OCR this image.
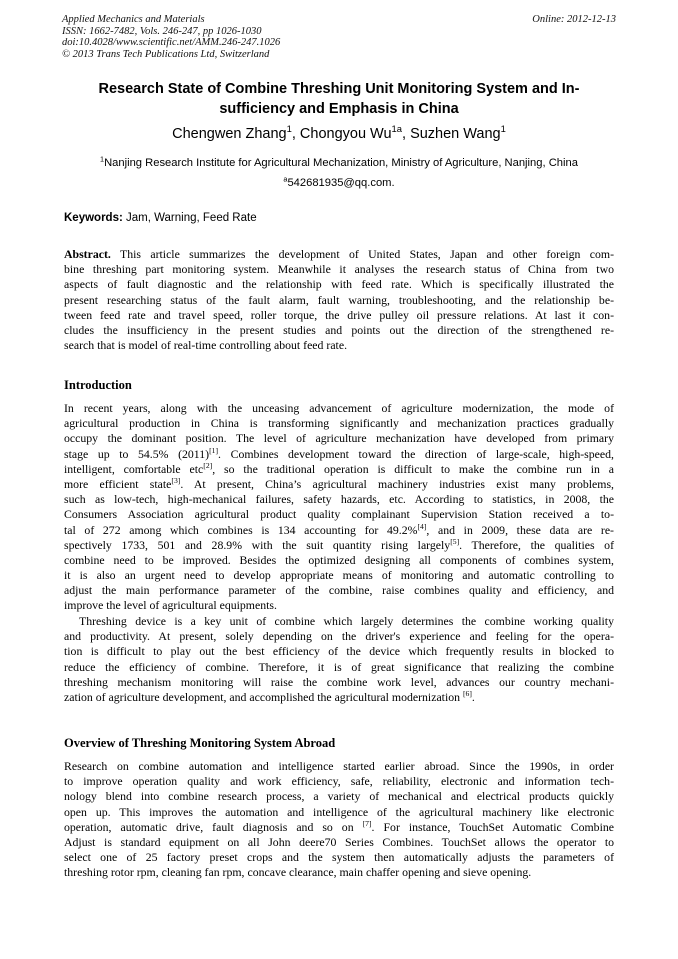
Applied Mechanics and Materials
ISSN: 1662-7482, Vols. 246-247, pp 1026-1030
doi:10.4028/www.scientific.net/AMM.246-247.1026
© 2013 Trans Tech Publications Ltd, Switzerland
Online: 2012-12-13
Research State of Combine Threshing Unit Monitoring System and In-
sufficiency and Emphasis in China
Chengwen Zhang$^1$, Chongyou $Wu^{1a}$, Suzhen Wang$^1$
$^1$Nanjing Research Institute for Agricultural Mechanization, Ministry of Agriculture, Nanjing, China
$^a$542681935@qq.com.
Keywords: Jam, Warning, Feed Rate
Abstract. This article summarizes the development of United States, Japan and other foreign com-
bine threshing part monitoring system. Meanwhile it analyses the research status of China from two
aspects of fault diagnostic and the relationship with feed rate. Which is specifically illustrated the
present researching status of the fault alarm, fault warning, troubleshooting, and the relationship be-
tween feed rate and travel speed, roller torque, the drive pulley oil pressure relations. At last it con-
cludes the insufficiency in the present studies and points out the direction of the strengthened re-
search that is model of real-time controlling about feed rate.
Introduction
In recent years, along with the unceasing advancement of agriculture modernization, the mode of
agricultural production in China is transforming significantly and mechanization practices gradually
occupy the dominant position. The level of agriculture mechanization have developed from primary
stage up to 54.5% (2011)[1]. Combines development toward the direction of large-scale, high-speed,
intelligent, comfortable etc[2], so the traditional operation is difficult to make the combine run in a
more efficient state[3]. At present, China’s agricultural machinery industries exist many problems,
such as low-tech, high-mechanical failures, safety hazards, etc. According to statistics, in 2008, the
Consumers Association agricultural product quality complainant Supervision Station received a to-
tal of 272 among which combines is 134 accounting for 49.2%[4], and in 2009, these data are re-
spectively 1733, 501 and 28.9% with the suit quantity rising largely[5]. Therefore, the qualities of
combine need to be improved. Besides the optimized designing all components of combines system,
it is also an urgent need to develop appropriate means of monitoring and automatic controlling to
adjust the main performance parameter of the combine, raise combines quality and efficiency, and
improve the level of agricultural equipments.
Threshing device is a key unit of combine which largely determines the combine working quality
and productivity. At present, solely depending on the driver's experience and feeling for the opera-
tion is difficult to play out the best efficiency of the device which frequently results in blocked to
reduce the efficiency of combine. Therefore, it is of great significance that realizing the combine
threshing mechanism monitoring will raise the combine work level, advances our country mechani-
zation of agriculture development, and accomplished the agricultural modernization [6].
Overview of Threshing Monitoring System Abroad
Research on combine automation and intelligence started earlier abroad. Since the 1990s, in order
to improve operation quality and work efficiency, safe, reliability, electronic and information tech-
nology blend into combine research process, a variety of mechanical and electrical products quickly
open up. This improves the automation and intelligence of the agricultural machinery like electronic
operation, automatic drive, fault diagnosis and so on [7]. For instance, TouchSet Automatic Combine
Adjust is standard equipment on all John deere70 Series Combines. TouchSet allows the operator to
select one of 25 factory preset crops and the system then automatically adjusts the parameters of
threshing rotor rpm, cleaning fan rpm, concave clearance, main chaffer opening and sieve opening.
